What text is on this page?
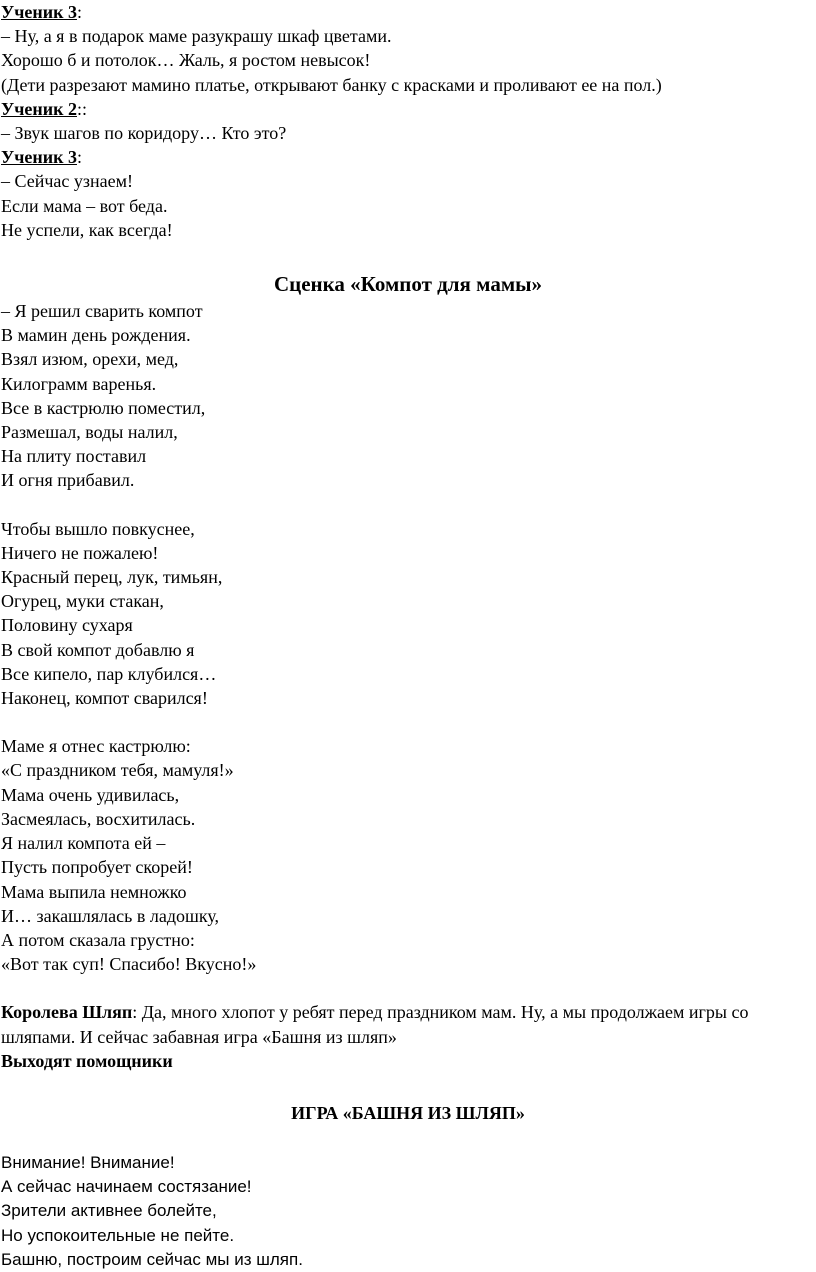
Ученик 3:

– Ну, а я в подарок маме разукрашу шкаф цветами.

Хорошо б и потолок… Жаль, я ростом невысок!

(Дети разрезают мамино платье, открывают банку с красками и проливают ее на пол.)

Ученик 2::

– Звук шагов по коридору… Кто это?

Ученик 3:

– Сейчас узнаем!

Если мама – вот беда.

Не успели, как всегда!

Сценка «Компот для мамы»

– Я решил сварить компот

В мамин день рождения.

Взял изюм, орехи, мед,

Килограмм варенья.

Все в кастрюлю поместил,

Размешал, воды налил,

На плиту поставил

И огня прибавил.

Чтобы вышло повкуснее,

Ничего не пожалею!

Красный перец, лук, тимьян,

Огурец, муки стакан,

Половину сухаря

В свой компот добавлю я

Все кипело, пар клубился…

Наконец, компот сварился!

Маме я отнес кастрюлю:

«С праздником тебя, мамуля!»

Мама очень удивилась,

Засмеялась, восхитилась.

Я налил компота ей –

Пусть попробует скорей!

Мама выпила немножко

И… закашлялась в ладошку,

А потом сказала грустно:

«Вот так суп! Спасибо! Вкусно!»

Королева Шляп: Да, много хлопот у ребят перед праздником мам. Ну, а мы продолжаем игры со шляпами. И сейчас забавная игра «Башня из шляп»

Выходят помощники

ИГРА «БАШНЯ ИЗ ШЛЯП»

Внимание! Внимание!

А сейчас начинаем состязание!

Зрители активнее болейте,

Но успокоительные не пейте.

Башню, построим сейчас мы из шляп.
